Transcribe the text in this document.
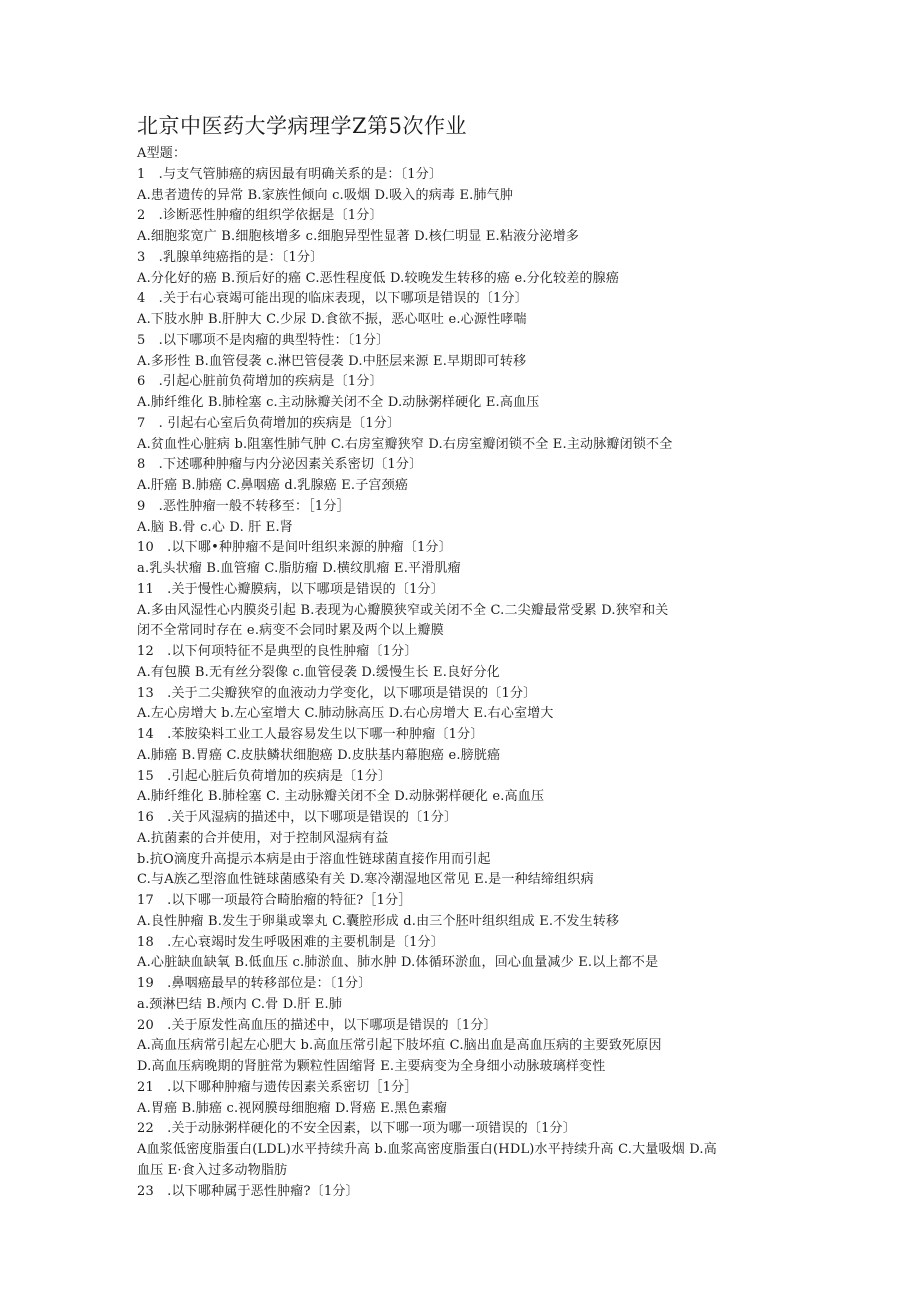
北京中医药大学病理学Z第5次作业
A型题：
1　.与支气管肺癌的病因最有明确关系的是：〔1分〕
A.患者遗传的异常 B.家族性倾向 c.吸烟 D.吸入的病毒 E.肺气肿
2　.诊断恶性肿瘤的组织学依据是〔1分〕
A.细胞浆宽广 B.细胞核增多 c.细胞异型性显著 D.核仁明显 E.粘液分泌增多
3　.乳腺单纯癌指的是：〔1分〕
A.分化好的癌 B.预后好的癌 C.恶性程度低 D.较晚发生转移的癌 e.分化较差的腺癌
4　.关于右心衰竭可能出现的临床表现，以下哪项是错误的〔1分〕
A.下肢水肿 B.肝肿大 C.少尿 D.食欲不振，恶心呕吐 e.心源性哮喘
5　.以下哪项不是肉瘤的典型特性：〔1分〕
A.多形性 B.血管侵袭 c.淋巴管侵袭 D.中胚层来源 E.早期即可转移
6　.引起心脏前负荷增加的疾病是〔1分〕
A.肺纤维化 B.肺栓塞 c.主动脉瓣关闭不全 D.动脉粥样硬化 E.高血压
7　. 引起右心室后负荷增加的疾病是〔1分〕
A.贫血性心脏病 b.阻塞性肺气肿 C.右房室瓣狭窄 D.右房室瓣闭锁不全 E.主动脉瓣闭锁不全
8　.下述哪种肿瘤与内分泌因素关系密切〔1分〕
A.肝癌 B.肺癌 C.鼻咽癌 d.乳腺癌 E.子宫颈癌
9　.恶性肿瘤一般不转移至：［1分］
A.脑 B.骨 c.心 D. 肝 E.肾
10　.以下哪•种肿瘤不是间叶组织来源的肿瘤〔1分〕
a.乳头状瘤 B.血管瘤 C.脂肪瘤 D.横纹肌瘤 E.平滑肌瘤
11　.关于慢性心瓣膜病，以下哪项是错误的〔1分〕
A.多由风湿性心内膜炎引起 B.表现为心瓣膜狭窄或关闭不全 C.二尖瓣最常受累 D.狭窄和关
闭不全常同时存在 e.病变不会同时累及两个以上瓣膜
12　.以下何项特征不是典型的良性肿瘤〔1分〕
A.有包膜 B.无有丝分裂像 c.血管侵袭 D.缓慢生长 E.良好分化
13　.关于二尖瓣狭窄的血液动力学变化，以下哪项是错误的〔1分〕
A.左心房增大 b.左心室增大 C.肺动脉高压 D.右心房增大 E.右心室增大
14　.苯胺染料工业工人最容易发生以下哪一种肿瘤〔1分〕
A.肺癌 B.胃癌 C.皮肤鳞状细胞癌 D.皮肤基内幕胞癌 e.膀胱癌
15　.引起心脏后负荷增加的疾病是〔1分〕
A.肺纤维化 B.肺栓塞 C. 主动脉瓣关闭不全 D.动脉粥样硬化 e.高血压
16　.关于风湿病的描述中，以下哪项是错误的〔1分〕
A.抗菌素的合并使用，对于控制风湿病有益
b.抗O滴度升高提示本病是由于溶血性链球菌直接作用而引起
C.与A族乙型溶血性链球菌感染有关 D.寒冷潮湿地区常见 E.是一种结缔组织病
17　.以下哪一项最符合畸胎瘤的特征?［1分］
A.良性肿瘤 B.发生于卵巢或睾丸 C.囊腔形成 d.由三个胚叶组织组成 E.不发生转移
18　.左心衰竭时发生呼吸困难的主要机制是〔1分〕
A.心脏缺血缺氧 B.低血压 c.肺淤血、肺水肿 D.体循环淤血，回心血量减少 E.以上都不是
19　.鼻咽癌最早的转移部位是：〔1分〕
a.颈淋巴结 B.颅内 C.骨 D.肝 E.肺
20　.关于原发性高血压的描述中，以下哪项是错误的〔1分〕
A.高血压病常引起左心肥大 b.高血压常引起下肢坏疽 C.脑出血是高血压病的主要致死原因
D.高血压病晚期的肾脏常为颗粒性固缩肾 E.主要病变为全身细小动脉玻璃样变性
21　.以下哪种肿瘤与遗传因素关系密切［1分］
A.胃癌 B.肺癌 c.视网膜母细胞瘤 D.肾癌 E.黑色素瘤
22　.关于动脉粥样硬化的不安全因素，以下哪一项为哪一项错误的〔1分〕
A血浆低密度脂蛋白(LDL)水平持续升高 b.血浆高密度脂蛋白(HDL)水平持续升高 C.大量吸烟 D.高
血压 E·食入过多动物脂肪
23　.以下哪种属于恶性肿瘤?〔1分〕
